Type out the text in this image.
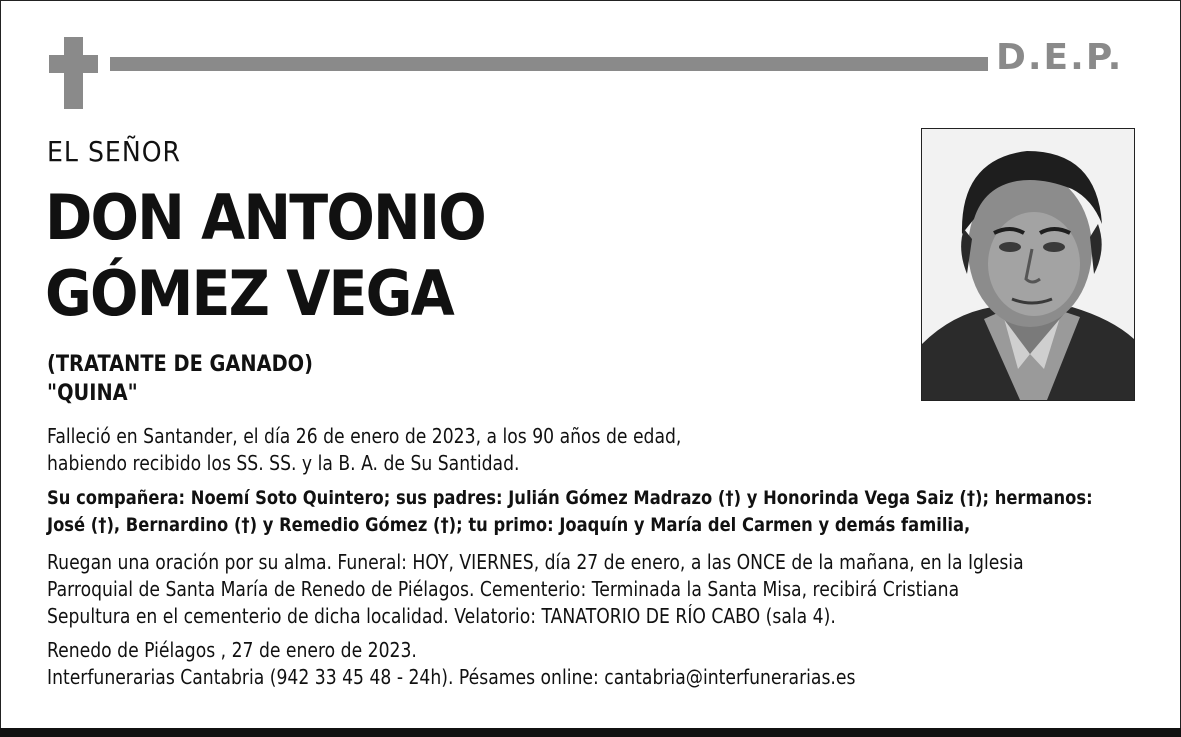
D.E.P.
EL SEÑOR
DON ANTONIO
GÓMEZ VEGA
(TRATANTE DE GANADO)
"QUINA"
Falleció en Santander, el día 26 de enero de 2023, a los 90 años de edad,
habiendo recibido los SS. SS. y la B. A. de Su Santidad.
Su compañera: Noemí Soto Quintero; sus padres: Julián Gómez Madrazo (†) y Honorinda Vega Saiz (†); hermanos:
José (†), Bernardino (†) y Remedio Gómez (†); tu primo: Joaquín y María del Carmen y demás familia,
Ruegan una oración por su alma. Funeral: HOY, VIERNES, día 27 de enero, a las ONCE de la mañana, en la Iglesia
Parroquial de Santa María de Renedo de Piélagos. Cementerio: Terminada la Santa Misa, recibirá Cristiana
Sepultura en el cementerio de dicha localidad. Velatorio: TANATORIO DE RÍO CABO (sala 4).
Renedo de Piélagos , 27 de enero de 2023.
Interfunerarias Cantabria (942 33 45 48 - 24h). Pésames online: cantabria@interfunerarias.es
